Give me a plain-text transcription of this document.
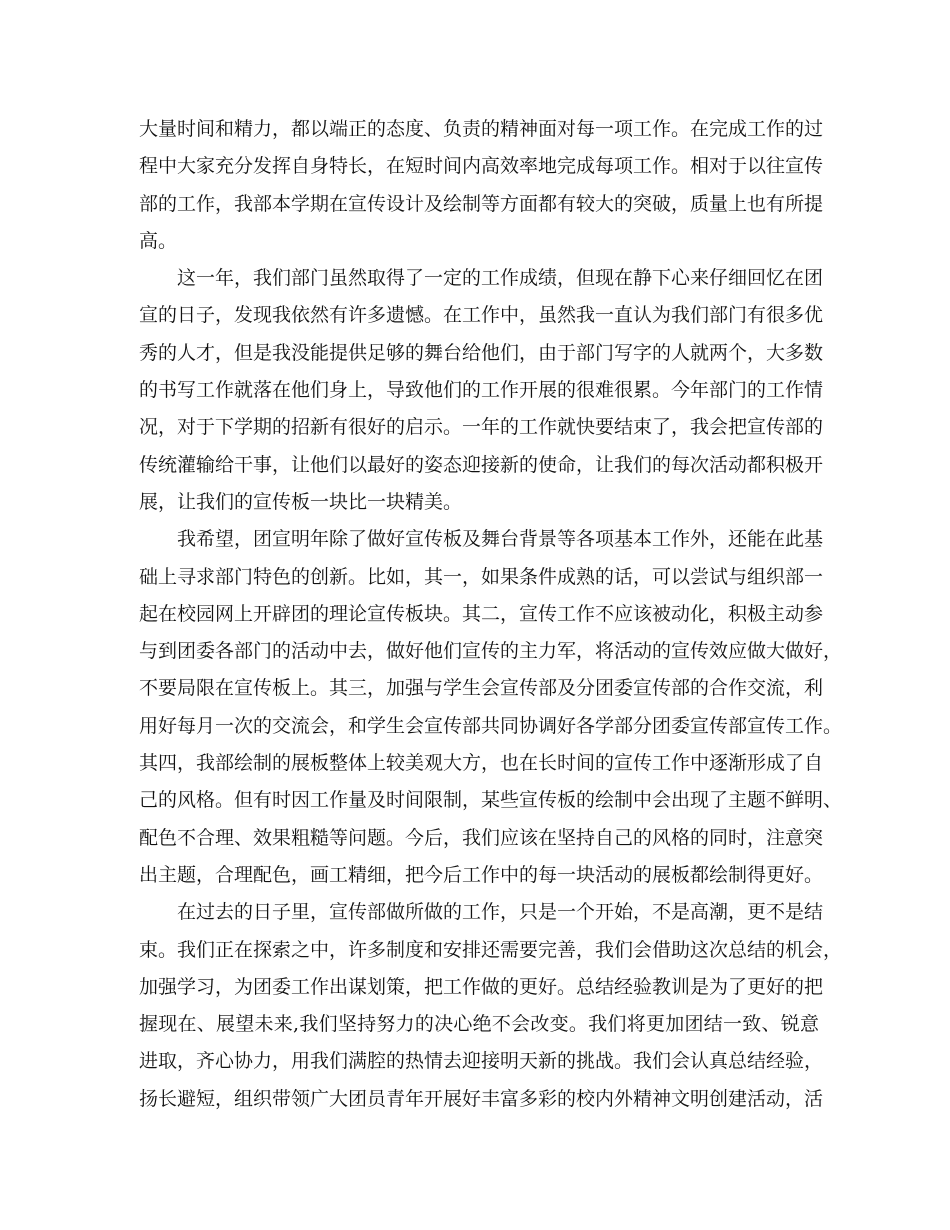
大量时间和精力，都以端正的态度、负责的精神面对每一项工作。在完成工作的过
程中大家充分发挥自身特长，在短时间内高效率地完成每项工作。相对于以往宣传
部的工作，我部本学期在宣传设计及绘制等方面都有较大的突破，质量上也有所提
高。
这一年，我们部门虽然取得了一定的工作成绩，但现在静下心来仔细回忆在团
宣的日子，发现我依然有许多遗憾。在工作中，虽然我一直认为我们部门有很多优
秀的人才，但是我没能提供足够的舞台给他们，由于部门写字的人就两个，大多数
的书写工作就落在他们身上，导致他们的工作开展的很难很累。今年部门的工作情
况，对于下学期的招新有很好的启示。一年的工作就快要结束了，我会把宣传部的
传统灌输给干事，让他们以最好的姿态迎接新的使命，让我们的每次活动都积极开
展，让我们的宣传板一块比一块精美。
我希望，团宣明年除了做好宣传板及舞台背景等各项基本工作外，还能在此基
础上寻求部门特色的创新。比如，其一，如果条件成熟的话，可以尝试与组织部一
起在校园网上开辟团的理论宣传板块。其二，宣传工作不应该被动化，积极主动参
与到团委各部门的活动中去，做好他们宣传的主力军，将活动的宣传效应做大做好，
不要局限在宣传板上。其三，加强与学生会宣传部及分团委宣传部的合作交流，利
用好每月一次的交流会，和学生会宣传部共同协调好各学部分团委宣传部宣传工作。
其四，我部绘制的展板整体上较美观大方，也在长时间的宣传工作中逐渐形成了自
己的风格。但有时因工作量及时间限制，某些宣传板的绘制中会出现了主题不鲜明、
配色不合理、效果粗糙等问题。今后，我们应该在坚持自己的风格的同时，注意突
出主题，合理配色，画工精细，把今后工作中的每一块活动的展板都绘制得更好。
在过去的日子里，宣传部做所做的工作，只是一个开始，不是高潮，更不是结
束。我们正在探索之中，许多制度和安排还需要完善，我们会借助这次总结的机会，
加强学习，为团委工作出谋划策，把工作做的更好。总结经验教训是为了更好的把
握现在、展望未来,我们坚持努力的决心绝不会改变。我们将更加团结一致、锐意
进取，齐心协力，用我们满腔的热情去迎接明天新的挑战。我们会认真总结经验，
扬长避短，组织带领广大团员青年开展好丰富多彩的校内外精神文明创建活动，活
